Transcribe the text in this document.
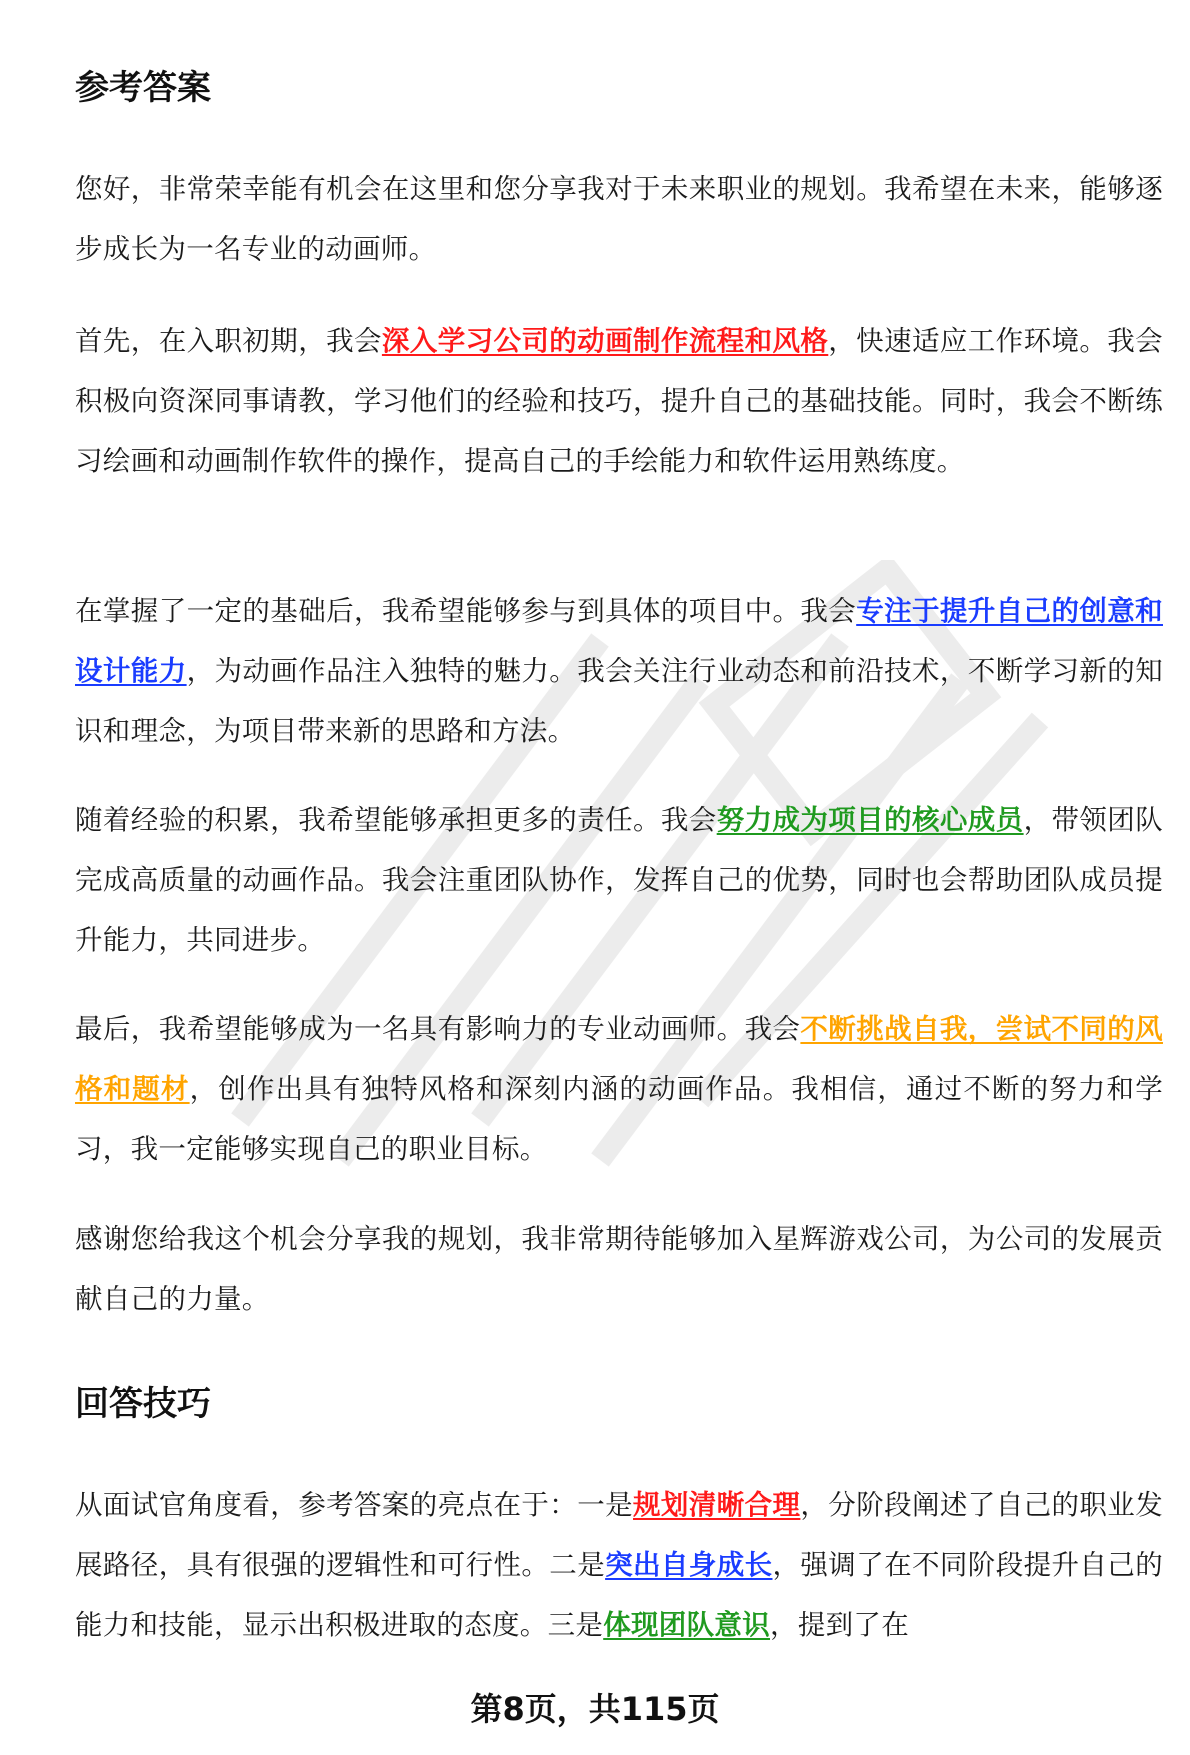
参考答案

您好，非常荣幸能有机会在这里和您分享我对于未来职业的规划。我希望在未来，能够逐步成长为一名专业的动画师。

首先，在入职初期，我会深入学习公司的动画制作流程和风格，快速适应工作环境。我会积极向资深同事请教，学习他们的经验和技巧，提升自己的基础技能。同时，我会不断练习绘画和动画制作软件的操作，提高自己的手绘能力和软件运用熟练度。

在掌握了一定的基础后，我希望能够参与到具体的项目中。我会专注于提升自己的创意和设计能力，为动画作品注入独特的魅力。我会关注行业动态和前沿技术，不断学习新的知识和理念，为项目带来新的思路和方法。

随着经验的积累，我希望能够承担更多的责任。我会努力成为项目的核心成员，带领团队完成高质量的动画作品。我会注重团队协作，发挥自己的优势，同时也会帮助团队成员提升能力，共同进步。

最后，我希望能够成为一名具有影响力的专业动画师。我会不断挑战自我，尝试不同的风格和题材，创作出具有独特风格和深刻内涵的动画作品。我相信，通过不断的努力和学习，我一定能够实现自己的职业目标。

感谢您给我这个机会分享我的规划，我非常期待能够加入星辉游戏公司，为公司的发展贡献自己的力量。

回答技巧

从面试官角度看，参考答案的亮点在于：一是规划清晰合理，分阶段阐述了自己的职业发展路径，具有很强的逻辑性和可行性。二是突出自身成长，强调了在不同阶段提升自己的能力和技能，显示出积极进取的态度。三是体现团队意识，提到了在

第8页，共115页
